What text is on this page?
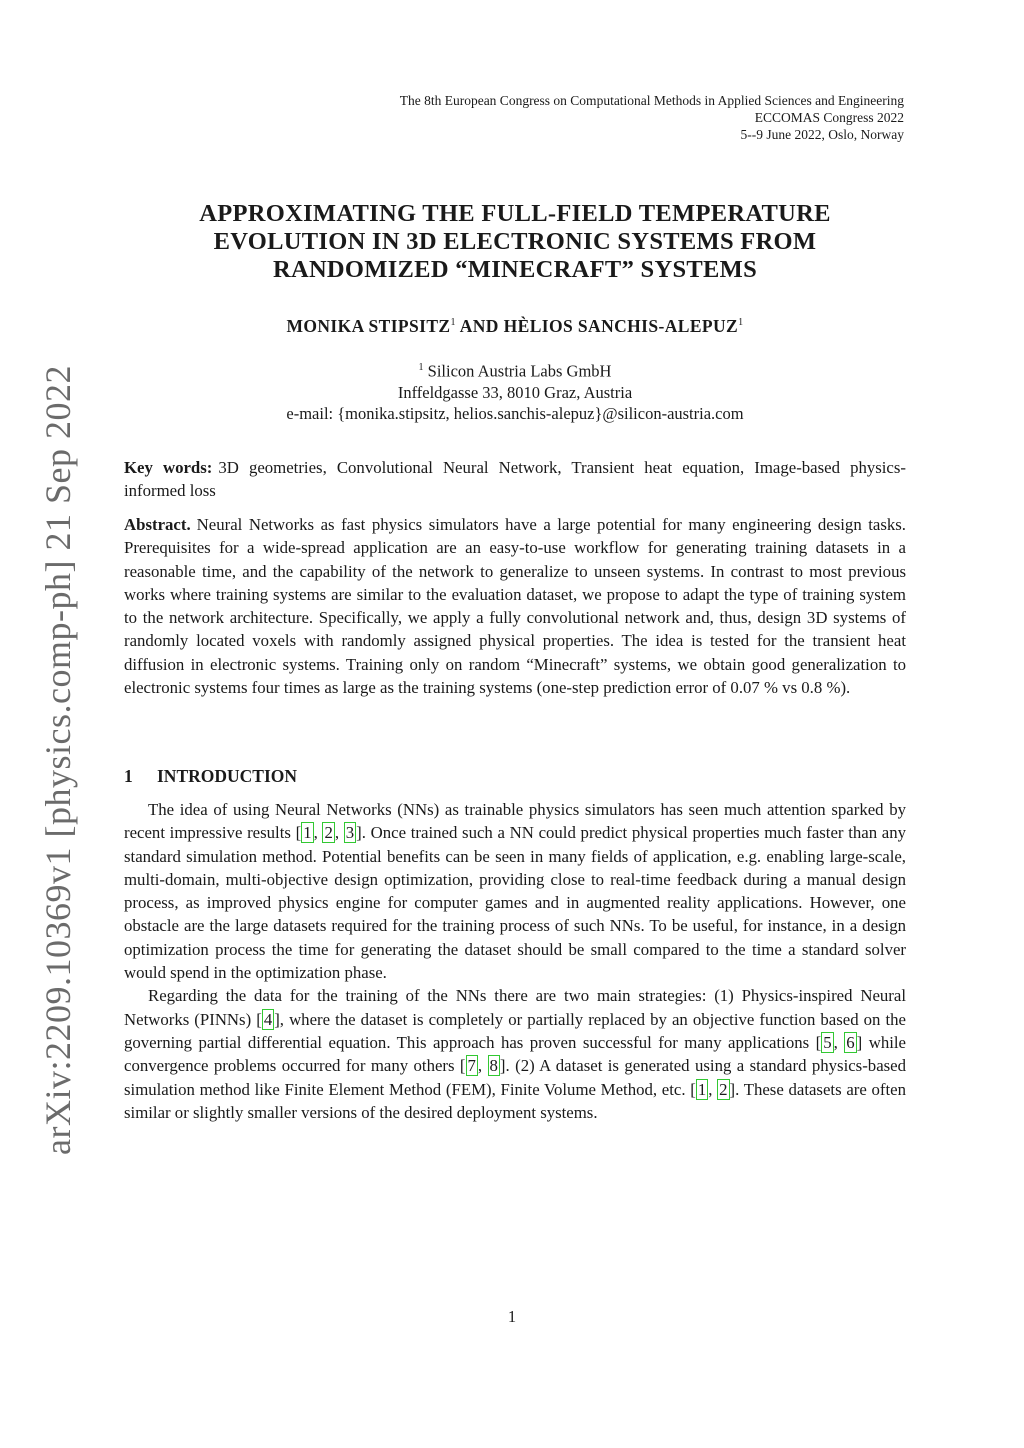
The 8th European Congress on Computational Methods in Applied Sciences and Engineering
ECCOMAS Congress 2022
5--9 June 2022, Oslo, Norway
arXiv:2209.10369v1 [physics.comp-ph] 21 Sep 2022
APPROXIMATING THE FULL-FIELD TEMPERATURE
EVOLUTION IN 3D ELECTRONIC SYSTEMS FROM
RANDOMIZED “MINECRAFT” SYSTEMS
MONIKA STIPSITZ$^1$ AND HÈLIOS SANCHIS-ALEPUZ$^1$
$^1$ Silicon Austria Labs GmbH
Inffeldgasse 33, 8010 Graz, Austria
e-mail: {monika.stipsitz, helios.sanchis-alepuz}@silicon-austria.com
Key words: 3D geometries, Convolutional Neural Network, Transient heat equation, Image-based physics-informed loss
Abstract. Neural Networks as fast physics simulators have a large potential for many engineering design tasks. Prerequisites for a wide-spread application are an easy-to-use workflow for generating training datasets in a reasonable time, and the capability of the network to generalize to unseen systems. In contrast to most previous works where training systems are similar to the evaluation dataset, we propose to adapt the type of training system to the network architecture. Specifically, we apply a fully convolutional network and, thus, design 3D systems of randomly located voxels with randomly assigned physical properties. The idea is tested for the transient heat diffusion in electronic systems. Training only on random “Minecraft” systems, we obtain good generalization to electronic systems four times as large as the training systems (one-step prediction error of 0.07 % vs 0.8 %).
1 INTRODUCTION

The idea of using Neural Networks (NNs) as trainable physics simulators has seen much attention sparked by recent impressive results [ 1 , 2 , 3 ]. Once trained such a NN could predict physical properties much faster than any standard simulation method. Potential benefits can be seen in many fields of application, e.g. enabling large-scale, multi-domain, multi-objective design optimization, providing close to real-time feedback during a manual design process, as improved physics engine for computer games and in augmented reality applications. However, one obstacle are the large datasets required for the training process of such NNs. To be useful, for instance, in a design optimization process the time for generating the dataset should be small compared to the time a standard solver would spend in the optimization phase.

Regarding the data for the training of the NNs there are two main strategies: (1) Physics-inspired Neural Networks (PINNs) [ 4 ], where the dataset is completely or partially replaced by an objective function based on the governing partial differential equation. This approach has proven successful for many applications [ 5 , 6 ] while convergence problems occurred for many others [ 7 , 8 ]. (2) A dataset is generated using a standard physics-based simulation method like Finite Element Method (FEM), Finite Volume Method, etc. [ 1 , 2 ]. These datasets are often similar or slightly smaller versions of the desired deployment systems.

1
